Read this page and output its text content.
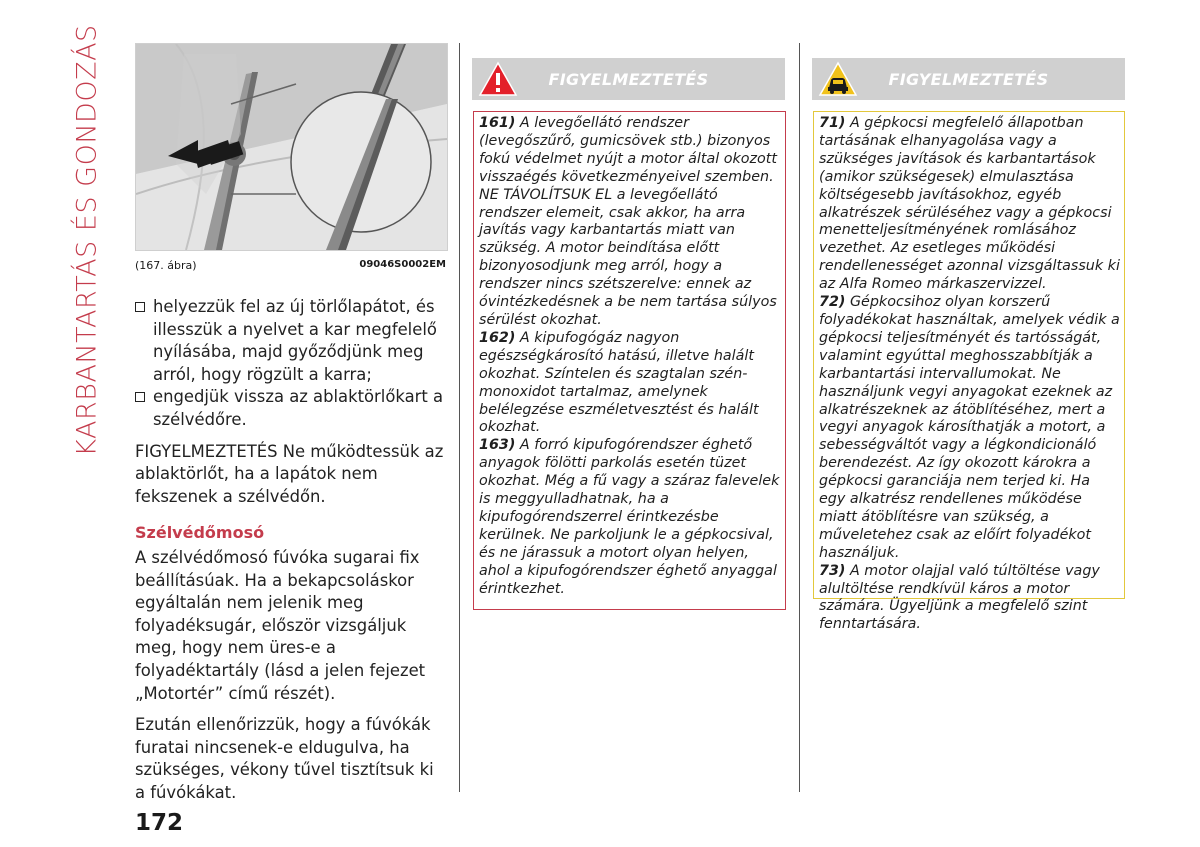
KARBANTARTÁS ÉS GONDOZÁS	(167. ábra)	09046S0002EM
helyezzük fel az új törlőlapátot, és illesszük a nyelvet a kar megfelelő nyílásába, majd győződjünk meg arról, hogy rögzült a karra;
engedjük vissza az ablaktörlőkart a szélvédőre.

FIGYELMEZTETÉS Ne működtessük az ablaktörlőt, ha a lapátok nem fekszenek a szélvédőn.

Szélvédőmosó

A szélvédőmosó fúvóka sugarai fix beállításúak. Ha a bekapcsoláskor egyáltalán nem jelenik meg folyadéksugár, először vizsgáljuk meg, hogy nem üres-e a folyadéktartály (lásd a jelen fejezet „Motortér” című részét).

Ezután ellenőrizzük, hogy a fúvókák furatai nincsenek-e eldugulva, ha szükséges, vékony tűvel tisztítsuk ki a fúvókákat.

FIGYELMEZTETÉS

161) A levegőellátó rendszer (levegőszűrő, gumicsövek stb.) bizonyos fokú védelmet nyújt a motor által okozott visszaégés következményeivel szemben. NE TÁVOLÍTSUK EL a levegőellátó rendszer elemeit, csak akkor, ha arra javítás vagy karbantartás miatt van szükség. A motor beindítása előtt bizonyosodjunk meg arról, hogy a rendszer nincs szétszerelve: ennek az óvintézkedésnek a be nem tartása súlyos sérülést okozhat.

162) A kipufogógáz nagyon egészségkárosító hatású, illetve halált okozhat. Színtelen és szagtalan szén-monoxidot tartalmaz, amelynek belélegzése eszméletvesztést és halált okozhat.

163) A forró kipufogórendszer éghető anyagok fölötti parkolás esetén tüzet okozhat. Még a fű vagy a száraz falevelek is meggyulladhatnak, ha a kipufogórendszerrel érintkezésbe kerülnek. Ne parkoljunk le a gépkocsival, és ne járassuk a motort olyan helyen, ahol a kipufogórendszer éghető anyaggal érintkezhet.

FIGYELMEZTETÉS

71) A gépkocsi megfelelő állapotban tartásának elhanyagolása vagy a szükséges javítások és karbantartások (amikor szükségesek) elmulasztása költségesebb javításokhoz, egyéb alkatrészek sérüléséhez vagy a gépkocsi menetteljesítményének romlásához vezethet. Az esetleges működési rendellenességet azonnal vizsgáltassuk ki az Alfa Romeo márkaszervizzel.

72) Gépkocsihoz olyan korszerű folyadékokat használtak, amelyek védik a gépkocsi teljesítményét és tartósságát, valamint egyúttal meghosszabbítják a karbantartási intervallumokat. Ne használjunk vegyi anyagokat ezeknek az alkatrészeknek az átöblítéséhez, mert a vegyi anyagok károsíthatják a motort, a sebességváltót vagy a légkondicionáló berendezést. Az így okozott károkra a gépkocsi garanciája nem terjed ki. Ha egy alkatrész rendellenes működése miatt átöblítésre van szükség, a műveletehez csak az előírt folyadékot használjuk.

73) A motor olajjal való túltöltése vagy alultöltése rendkívül káros a motor számára. Ügyeljünk a megfelelő szint fenntartására.

172
